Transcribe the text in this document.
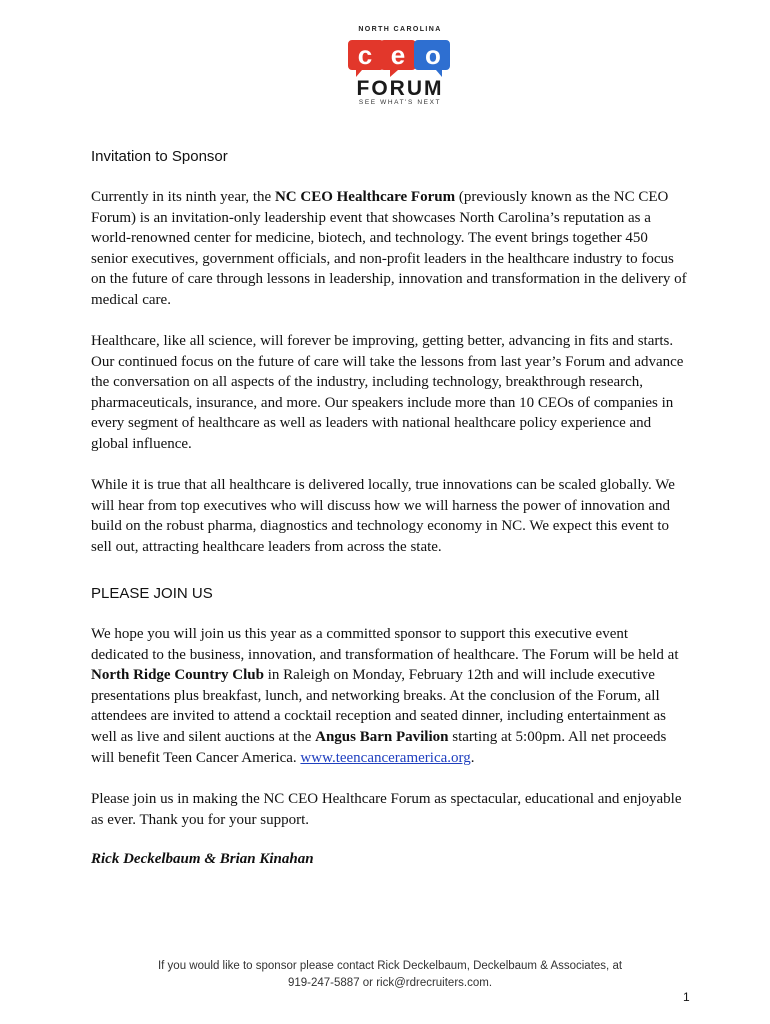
NORTH CAROLINA
c e o
FORUM
SEE WHAT'S NEXT
Invitation to Sponsor

Currently in its ninth year, the NC CEO Healthcare Forum (previously known as the NC CEO
Forum) is an invitation-only leadership event that showcases North Carolina’s reputation as a
world-renowned center for medicine, biotech, and technology. The event brings together 450
senior executives, government officials, and non-profit leaders in the healthcare industry to focus
on the future of care through lessons in leadership, innovation and transformation in the delivery of
medical care.

Healthcare, like all science, will forever be improving, getting better, advancing in fits and starts.
Our continued focus on the future of care will take the lessons from last year’s Forum and advance
the conversation on all aspects of the industry, including technology, breakthrough research,
pharmaceuticals, insurance, and more. Our speakers include more than 10 CEOs of companies in
every segment of healthcare as well as leaders with national healthcare policy experience and
global influence.

While it is true that all healthcare is delivered locally, true innovations can be scaled globally. We
will hear from top executives who will discuss how we will harness the power of innovation and
build on the robust pharma, diagnostics and technology economy in NC. We expect this event to
sell out, attracting healthcare leaders from across the state.

PLEASE JOIN US

We hope you will join us this year as a committed sponsor to support this executive event
dedicated to the business, innovation, and transformation of healthcare. The Forum will be held at
North Ridge Country Club in Raleigh on Monday, February 12th and will include executive
presentations plus breakfast, lunch, and networking breaks. At the conclusion of the Forum, all
attendees are invited to attend a cocktail reception and seated dinner, including entertainment as
well as live and silent auctions at the Angus Barn Pavilion starting at 5:00pm. All net proceeds
will benefit Teen Cancer America. www.teencanceramerica.org.

Please join us in making the NC CEO Healthcare Forum as spectacular, educational and enjoyable
as ever. Thank you for your support.

Rick Deckelbaum & Brian Kinahan
If you would like to sponsor please contact Rick Deckelbaum, Deckelbaum & Associates, at
919-247-5887 or rick@rdrecruiters.com.
1
